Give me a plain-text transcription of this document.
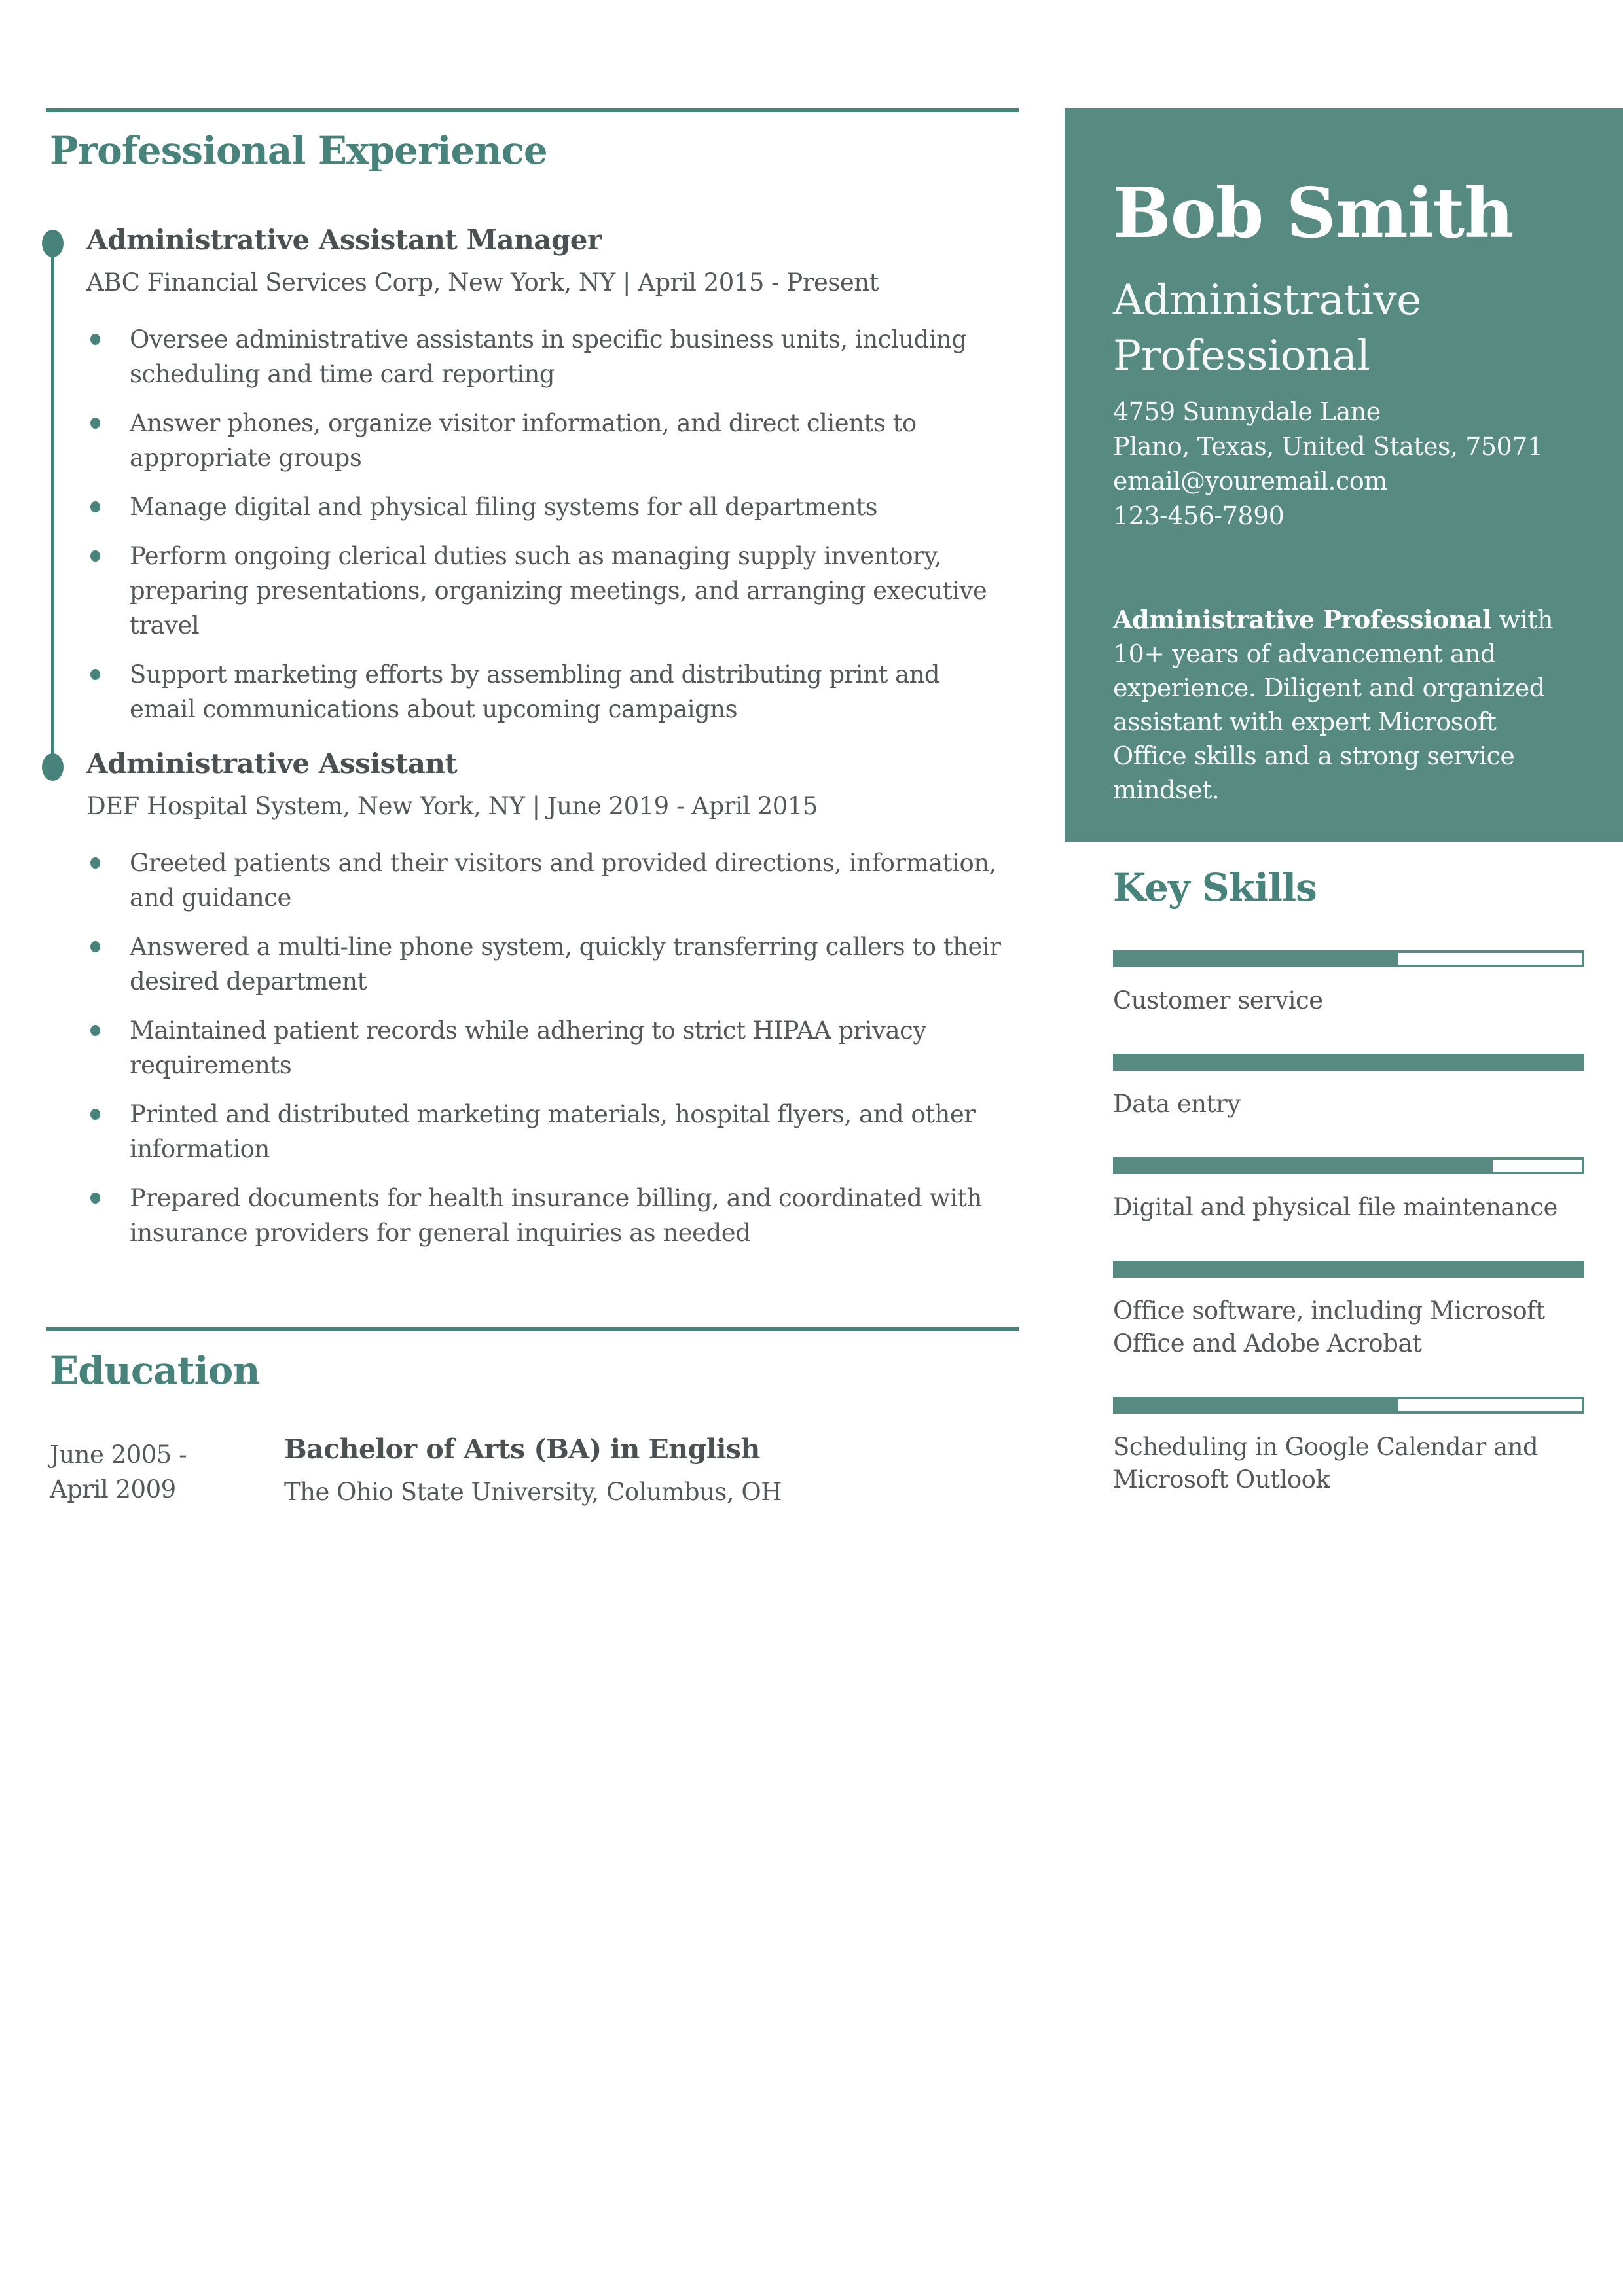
Professional Experience
Administrative Assistant Manager
ABC Financial Services Corp, New York, NY | April 2015 - Present
Oversee administrative assistants in specific business units, including scheduling and time card reporting
Answer phones, organize visitor information, and direct clients to appropriate groups
Manage digital and physical filing systems for all departments
Perform ongoing clerical duties such as managing supply inventory, preparing presentations, organizing meetings, and arranging executive travel
Support marketing efforts by assembling and distributing print and email communications about upcoming campaigns
Administrative Assistant
DEF Hospital System, New York, NY | June 2019 - April 2015
Greeted patients and their visitors and provided directions, information, and guidance
Answered a multi-line phone system, quickly transferring callers to their desired department
Maintained patient records while adhering to strict HIPAA privacy requirements
Printed and distributed marketing materials, hospital flyers, and other information
Prepared documents for health insurance billing, and coordinated with insurance providers for general inquiries as needed
Education
June 2005 - April 2009
Bachelor of Arts (BA) in English
The Ohio State University, Columbus, OH
Bob Smith
Administrative Professional
4759 Sunnydale Lane
Plano, Texas, United States, 75071
email@youremail.com
123-456-7890
Administrative Professional with 10+ years of advancement and experience. Diligent and organized assistant with expert Microsoft Office skills and a strong service mindset.
Key Skills
Customer service
Data entry
Digital and physical file maintenance
Office software, including Microsoft Office and Adobe Acrobat
Scheduling in Google Calendar and Microsoft Outlook
